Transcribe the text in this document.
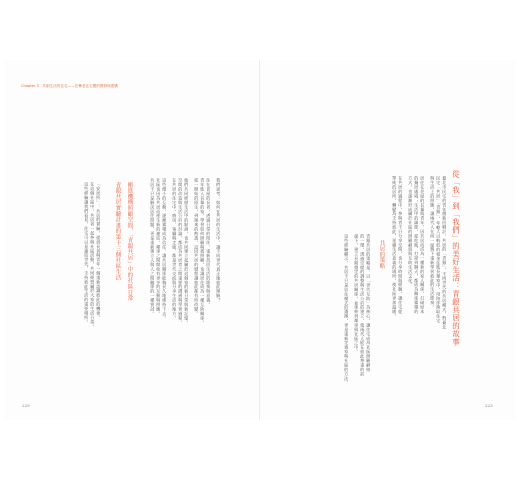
Chapter 3　共創生活的住宅——在參老住宅體的開發與建構
從「我」到「我們」的美好生活：青銀共居的故事
臺北市民宅的青年創新回鄉計，共居的「青銀」，不同世代的共居模式，對臺北
民宅「共居」「青銀」，年輕人以較低的租金住進長輩家中，用陪伴換取住宅
與生活上的照應，讓兩代人在同一屋簷下重新學習彼此的生活節奏。
居住在老屋的長輩與青年，因共居而成為一種新的家人關係，打破原本
的獨居處境；生活中的細節，從吃飯、打掃到聊天，都成為關係累積的
方式，也逐漸形成屬於社區的照顧網絡與互助生活文化。
在共居的過程中，參與者不只分享空間，也分享時間與經驗，讓住宅從
單純的居所，轉變為支持彼此、延續生活意義的場所，使社區更加溫暖。
共居的策略
青銀共居的策略是：以「世代互助」為核心，讓住宅成為社區照顧網絡
的一環，透過空間的調整與生活公約的建立，使兩代人能在彼此尊重的前
提下，建立長期穩定的共居關係，並延伸到鄰里與社區之中。
這些經驗顯示，共居不只是居住模式的選擇，更是重新定義家與社區的方法。
我們思考：如何在共居的生活中，讓不同世代真正地彼此理解？
住在老屋的長者，透過日常的陪伴，重新找回生活的節奏與意義。
青年進入長輩的家，學習如何照顧與被照顧，也讓居住成為一種互助關係。
從一開始的陌生，到後來的熟悉，這段共居的歷程讓彼此都有所改變。
他們共同經歷生活中的點滴，也共同建立起屬於這個家的新日常與新記憶。
空間的改造與生活公約的討論，都成為共居者之間重要的溝通與學習過程。
在共居的住宅中，廚房、客廳與走廊，都是世代交流與分享生活的地方。
這些微小的互動，逐漸累積成為信任，讓共居關係能夠長久地維持下去。
社區也因為共居而產生新的連結，鄰里之間開始有更多的互動與照應。
共居不只是解決居住問題，更是重新建立人與人之間關係的一種嘗試。
搬進機構照顧空間，「青銀共居」中的社區日常
青銀共居實驗計畫的第十三個社區生活
「安居所」：共居的實驗，提供長者與青年一個重新認識彼此的機會。
在這個社區中，共居者一起參與社區活動，共同經營屬於大家的生活日常。
這些經驗讓我們看見，住宅可以是連結世代、支持彼此生活的重要場所。
229	223
